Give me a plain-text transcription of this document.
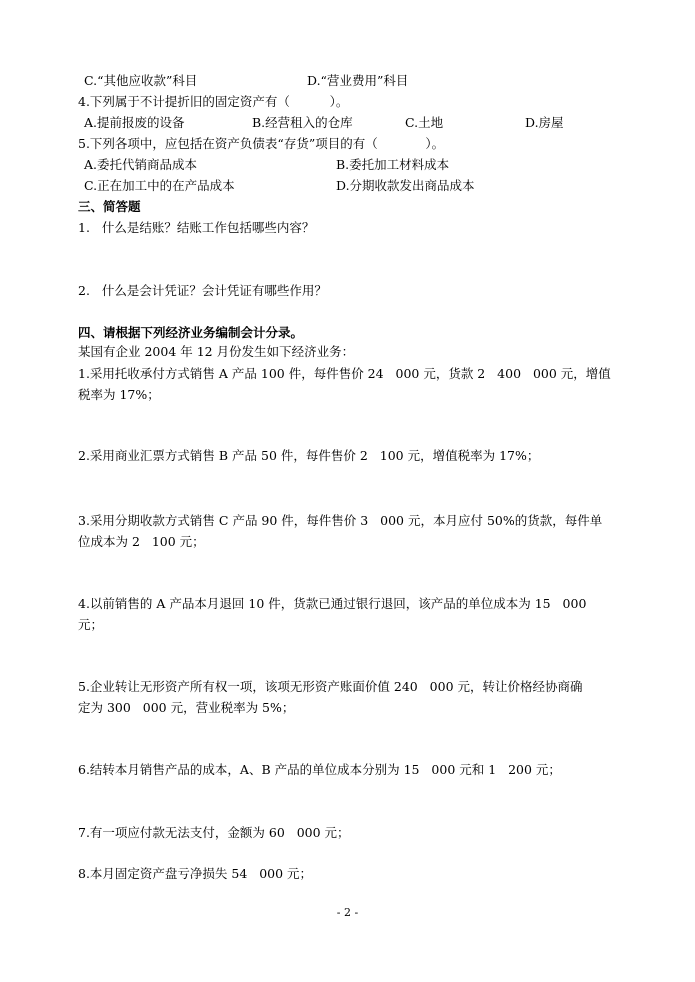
C.“其他应收款”科目	D.“营业费用”科目
4.下列属于不计提折旧的固定资产有（          ）。
A.提前报废的设备	B.经营租入的仓库	C.土地	D.房屋
5.下列各项中，应包括在资产负债表“存货”项目的有（            ）。
A.委托代销商品成本	B.委托加工材料成本
C.正在加工中的在产品成本	D.分期收款发出商品成本
三、简答题
1.   什么是结账？结账工作包括哪些内容？
2.   什么是会计凭证？会计凭证有哪些作用？
四、请根据下列经济业务编制会计分录。
某国有企业 2004 年 12 月份发生如下经济业务：
1.采用托收承付方式销售 A 产品 100 件，每件售价 24   000 元，货款 2   400   000 元，增值
税率为 17%；
2.采用商业汇票方式销售 B 产品 50 件，每件售价 2   100 元，增值税率为 17%；
3.采用分期收款方式销售 C 产品 90 件，每件售价 3   000 元，本月应付 50%的货款，每件单
位成本为 2   100 元；
4.以前销售的 A 产品本月退回 10 件，货款已通过银行退回，该产品的单位成本为 15   000
元；
5.企业转让无形资产所有权一项，该项无形资产账面价值 240   000 元，转让价格经协商确
定为 300   000 元，营业税率为 5%；
6.结转本月销售产品的成本，A、B 产品的单位成本分别为 15   000 元和 1   200 元；
7.有一项应付款无法支付，金额为 60   000 元；
8.本月固定资产盘亏净损失 54   000 元；
- 2 -
